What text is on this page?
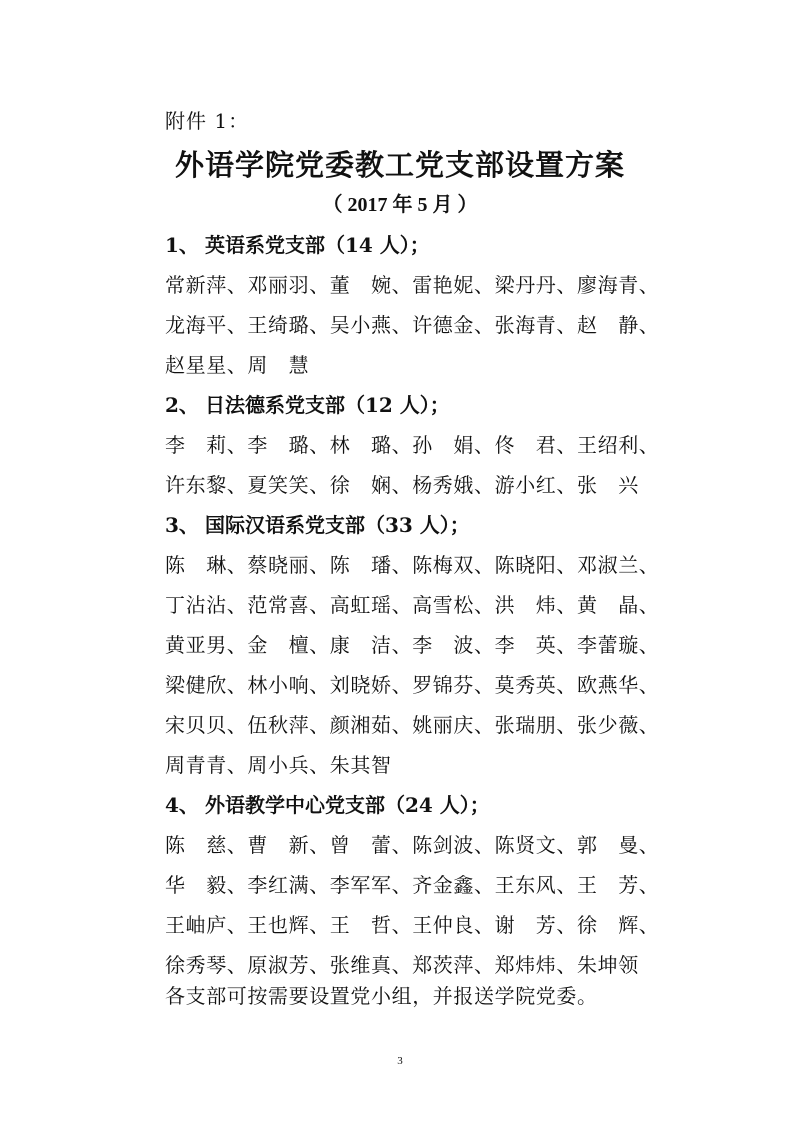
附件 1：
外语学院党委教工党支部设置方案
（ 2017 年 5 月 ）
1、 英语系党支部（14 人）；
常新萍、邓丽羽、董　婉、雷艳妮、梁丹丹、廖海青、
龙海平、王绮璐、吴小燕、许德金、张海青、赵　静、
赵星星、周　慧
2、 日法德系党支部（12 人）；
李　莉、李　璐、林　璐、孙　娟、佟　君、王绍利、
许东黎、夏笑笑、徐　娴、杨秀娥、游小红、张　兴
3、 国际汉语系党支部（33 人）；
陈　琳、蔡晓丽、陈　璠、陈梅双、陈晓阳、邓淑兰、
丁沾沾、范常喜、高虹瑶、高雪松、洪　炜、黄　晶、
黄亚男、金　檀、康　洁、李　波、李　英、李蕾璇、
梁健欣、林小响、刘晓娇、罗锦芬、莫秀英、欧燕华、
宋贝贝、伍秋萍、颜湘茹、姚丽庆、张瑞朋、张少薇、
周青青、周小兵、朱其智
4、 外语教学中心党支部（24 人）；
陈　慈、曹　新、曾　蕾、陈剑波、陈贤文、郭　曼、
华　毅、李红满、李军军、齐金鑫、王东风、王　芳、
王岫庐、王也辉、王　哲、王仲良、谢　芳、徐　辉、
徐秀琴、原淑芳、张维真、郑茨萍、郑炜炜、朱坤领
各支部可按需要设置党小组，并报送学院党委。
3
